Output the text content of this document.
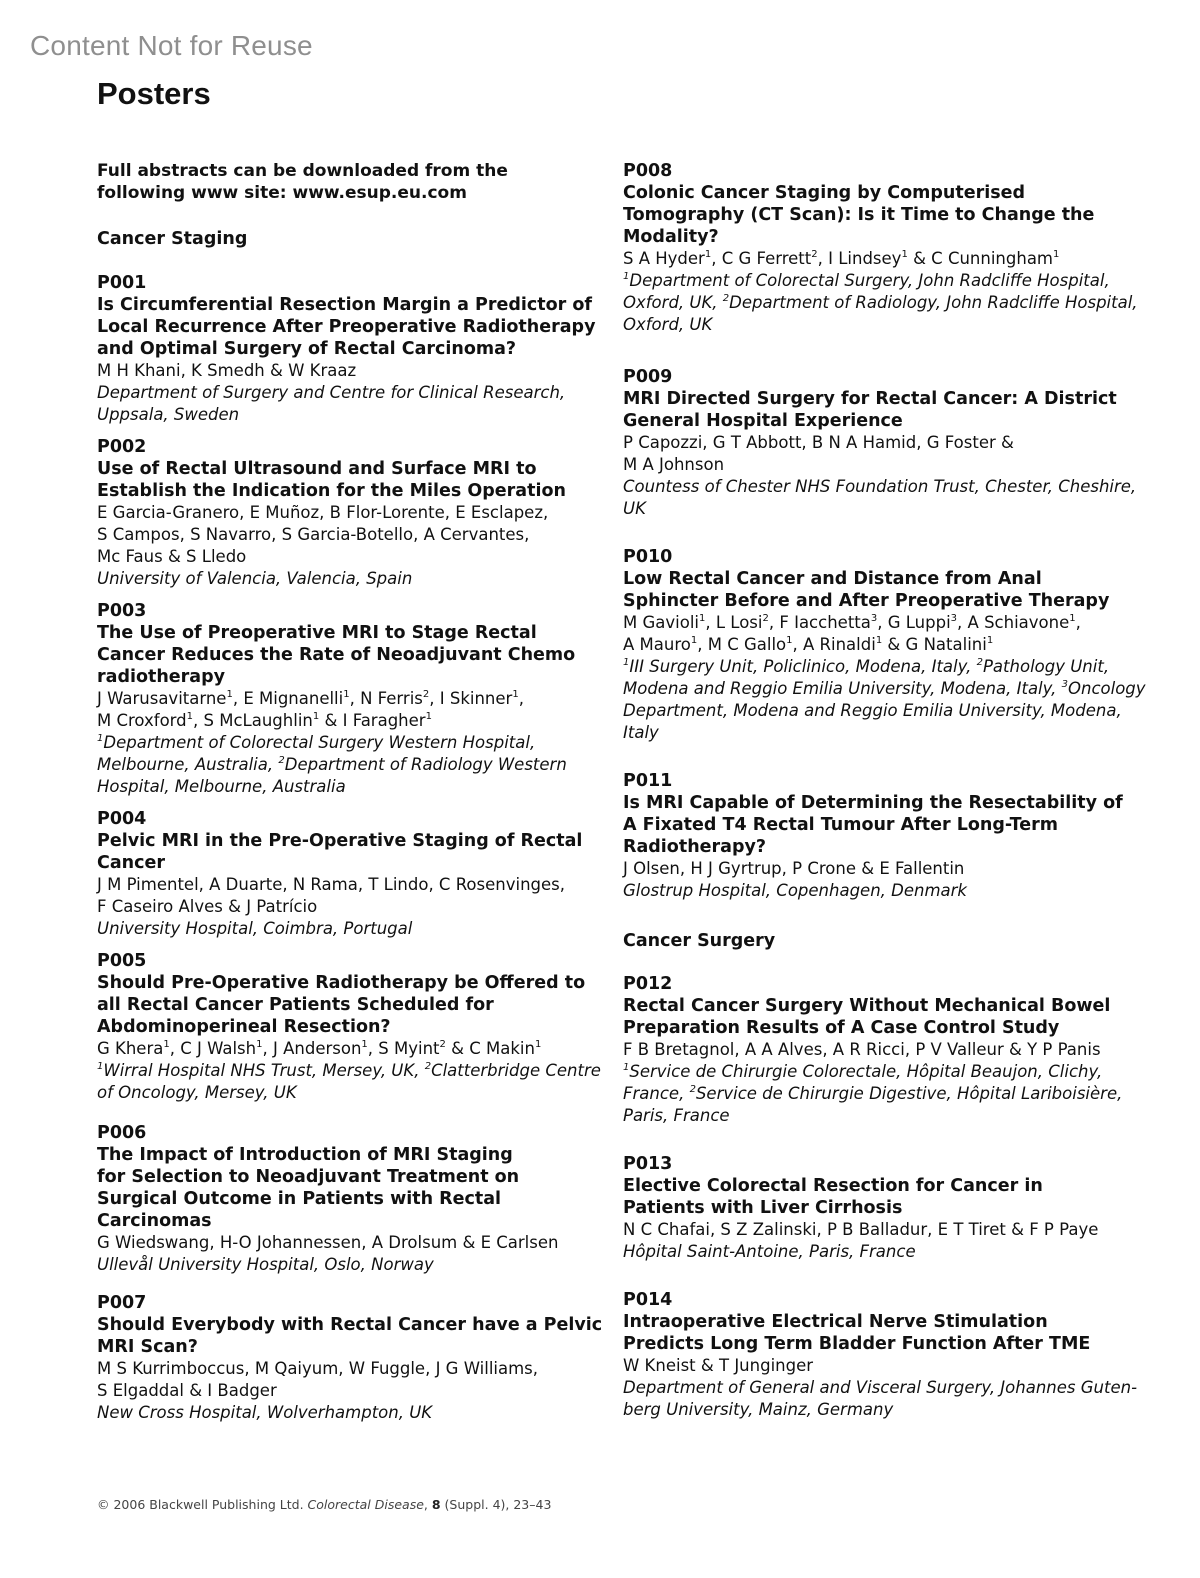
Content Not for Reuse
Posters
Full abstracts can be downloaded from the
following www site: www.esup.eu.com
Cancer Staging
P001
Is Circumferential Resection Margin a Predictor of
Local Recurrence After Preoperative Radiotherapy
and Optimal Surgery of Rectal Carcinoma?
M H Khani, K Smedh & W Kraaz
Department of Surgery and Centre for Clinical Research,
Uppsala, Sweden
P002
Use of Rectal Ultrasound and Surface MRI to
Establish the Indication for the Miles Operation
E Garcia-Granero, E Muñoz, B Flor-Lorente, E Esclapez,
S Campos, S Navarro, S Garcia-Botello, A Cervantes,
Mc Faus & S Lledo
University of Valencia, Valencia, Spain
P003
The Use of Preoperative MRI to Stage Rectal
Cancer Reduces the Rate of Neoadjuvant Chemo
radiotherapy
J Warusavitarne$^1$, E Mignanelli$^1$, N Ferris$^2$, I Skinner$^1$,
M Croxford$^1$, S McLaughlin$^1$ & I Faragher$^1$
$^1$Department of Colorectal Surgery Western Hospital,
Melbourne, Australia, $^2$Department of Radiology Western
Hospital, Melbourne, Australia
P004
Pelvic MRI in the Pre-Operative Staging of Rectal
Cancer
J M Pimentel, A Duarte, N Rama, T Lindo, C Rosenvinges,
F Caseiro Alves & J Patrício
University Hospital, Coimbra, Portugal
P005
Should Pre-Operative Radiotherapy be Offered to
all Rectal Cancer Patients Scheduled for
Abdominoperineal Resection?
G Khera$^1$, C J Walsh$^1$, J Anderson$^1$, S Myint$^2$ & C Makin$^1$
$^1$Wirral Hospital NHS Trust, Mersey, UK, $^2$Clatterbridge Centre
of Oncology, Mersey, UK
P006
The Impact of Introduction of MRI Staging
for Selection to Neoadjuvant Treatment on
Surgical Outcome in Patients with Rectal
Carcinomas
G Wiedswang, H-O Johannessen, A Drolsum & E Carlsen
Ullevål University Hospital, Oslo, Norway
P007
Should Everybody with Rectal Cancer have a Pelvic
MRI Scan?
M S Kurrimboccus, M Qaiyum, W Fuggle, J G Williams,
S Elgaddal & I Badger
New Cross Hospital, Wolverhampton, UK
P008
Colonic Cancer Staging by Computerised
Tomography (CT Scan): Is it Time to Change the
Modality?
S A Hyder$^1$, C G Ferrett$^2$, I Lindsey$^1$ & C Cunningham$^1$
$^1$Department of Colorectal Surgery, John Radcliffe Hospital,
Oxford, UK, $^2$Department of Radiology, John Radcliffe Hospital,
Oxford, UK
P009
MRI Directed Surgery for Rectal Cancer: A District
General Hospital Experience
P Capozzi, G T Abbott, B N A Hamid, G Foster &
M A Johnson
Countess of Chester NHS Foundation Trust, Chester, Cheshire,
UK
P010
Low Rectal Cancer and Distance from Anal
Sphincter Before and After Preoperative Therapy
M Gavioli$^1$, L Losi$^2$, F Iacchetta$^3$, G Luppi$^3$, A Schiavone$^1$,
A Mauro$^1$, M C Gallo$^1$, A Rinaldi$^1$ & G Natalini$^1$
$^1$III Surgery Unit, Policlinico, Modena, Italy, $^2$Pathology Unit,
Modena and Reggio Emilia University, Modena, Italy, $^3$Oncology
Department, Modena and Reggio Emilia University, Modena,
Italy
P011
Is MRI Capable of Determining the Resectability of
A Fixated T4 Rectal Tumour After Long-Term
Radiotherapy?
J Olsen, H J Gyrtrup, P Crone & E Fallentin
Glostrup Hospital, Copenhagen, Denmark
Cancer Surgery
P012
Rectal Cancer Surgery Without Mechanical Bowel
Preparation Results of A Case Control Study
F B Bretagnol, A A Alves, A R Ricci, P V Valleur & Y P Panis
$^1$Service de Chirurgie Colorectale, Hôpital Beaujon, Clichy,
France, $^2$Service de Chirurgie Digestive, Hôpital Lariboisière,
Paris, France
P013
Elective Colorectal Resection for Cancer in
Patients with Liver Cirrhosis
N C Chafai, S Z Zalinski, P B Balladur, E T Tiret & F P Paye
Hôpital Saint-Antoine, Paris, France
P014
Intraoperative Electrical Nerve Stimulation
Predicts Long Term Bladder Function After TME
W Kneist & T Junginger
Department of General and Visceral Surgery, Johannes Guten-
berg University, Mainz, Germany
© 2006 Blackwell Publishing Ltd. Colorectal Disease, 8 (Suppl. 4), 23–43
